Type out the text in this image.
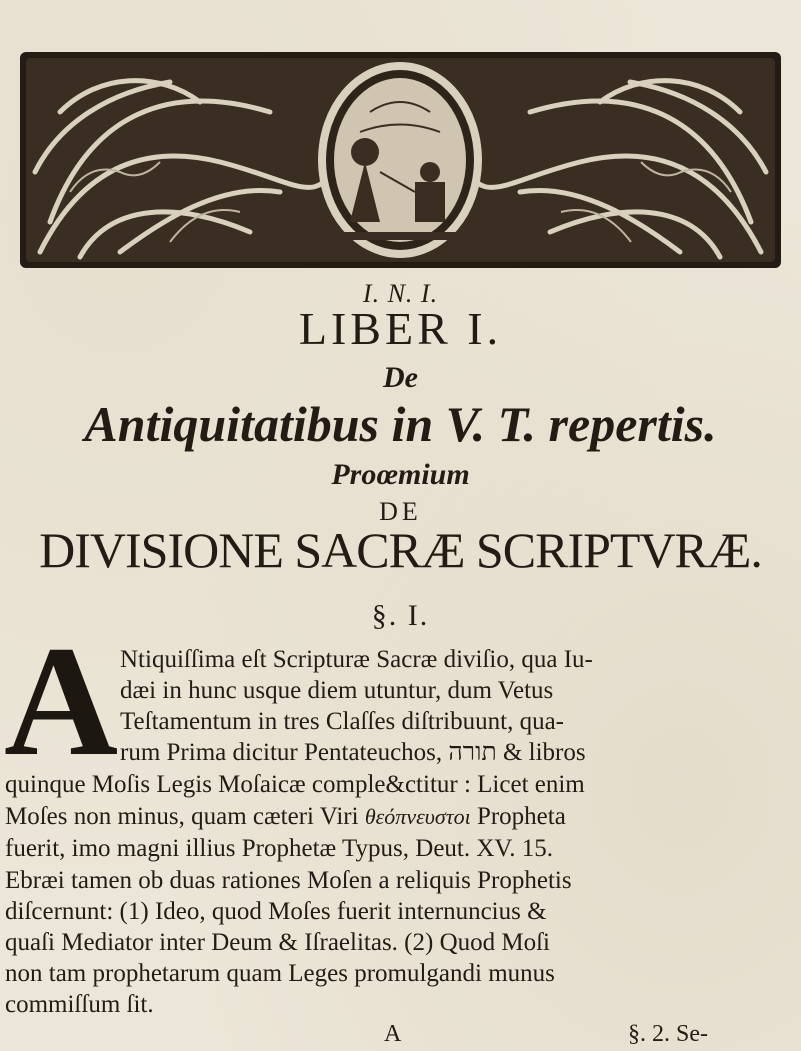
I. N. I.
LIBER I.
De
Antiquitatibus in V. T. repertis.
Proœmium
DE
DIVISIONE SACRÆ SCRIPTVRÆ.
§. I.
A Ntiquiſſima eſt Scripturæ Sacræ diviſio, qua Iu-
dæi in hunc usque diem utuntur, dum Vetus
Teſtamentum in tres Claſſes diſtribuunt, qua-
rum Prima dicitur Pentateuchos, תורה & libros
quinque Moſis Legis Moſaicæ comple&ctitur : Licet enim
Moſes non minus, quam cæteri Viri θεόπνευστοι Propheta
fuerit, imo magni illius Prophetæ Typus, Deut. XV. 15.
Ebræi tamen ob duas rationes Moſen a reliquis Prophetis
diſcernunt: (1) Ideo, quod Moſes fuerit internuncius &
quaſi Mediator inter Deum & Iſraelitas. (2) Quod Moſi
non tam prophetarum quam Leges promulgandi munus
commiſſum ſit.
A	§. 2. Se-
